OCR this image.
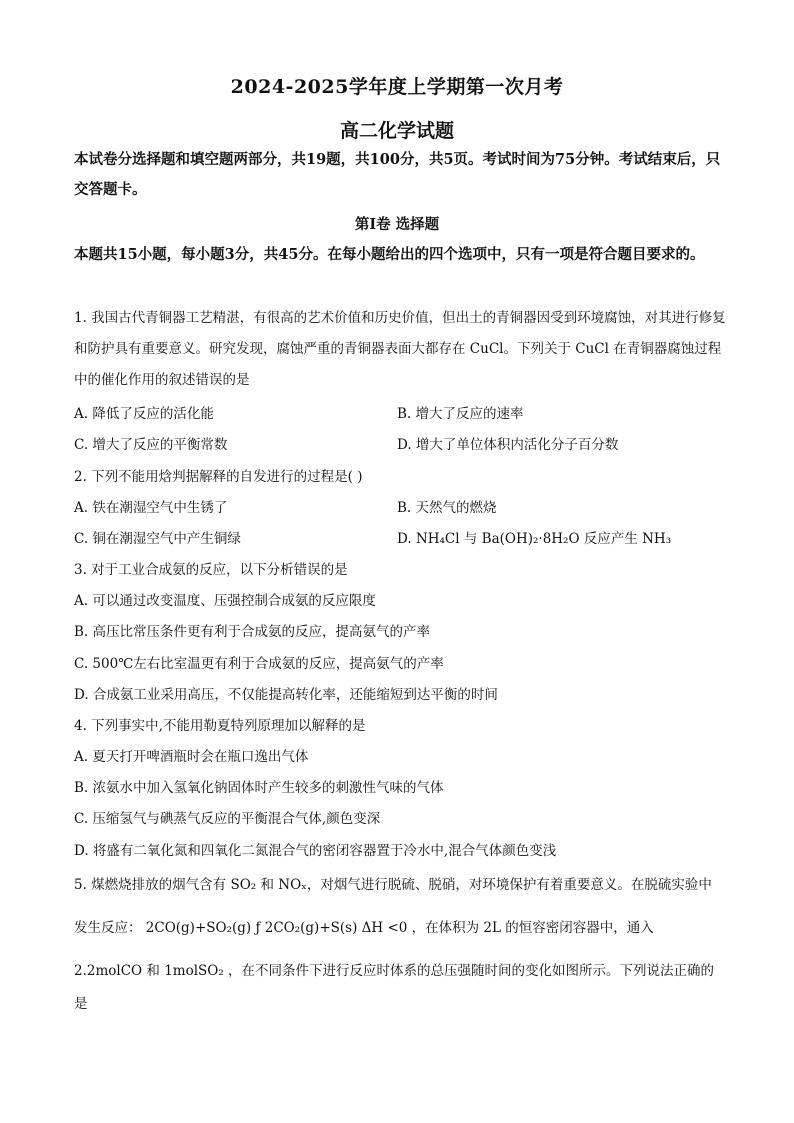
2024-2025学年度上学期第一次月考
高二化学试题
本试卷分选择题和填空题两部分，共19题，共100分，共5页。考试时间为75分钟。考试结束后，只交答题卡。
第I卷 选择题
本题共15小题，每小题3分，共45分。在每小题给出的四个选项中，只有一项是符合题目要求的。
1. 我国古代青铜器工艺精湛，有很高的艺术价值和历史价值，但出土的青铜器因受到环境腐蚀，对其进行修复和防护具有重要意义。研究发现，腐蚀严重的青铜器表面大都存在 CuCl。下列关于 CuCl 在青铜器腐蚀过程中的催化作用的叙述错误的是
A. 降低了反应的活化能	B. 增大了反应的速率
C. 增大了反应的平衡常数	D. 增大了单位体积内活化分子百分数
2. 下列不能用焓判据解释的自发进行的过程是( )
A. 铁在潮湿空气中生锈了	B. 天然气的燃烧
C. 铜在潮湿空气中产生铜绿	D. NH₄Cl 与 Ba(OH)₂·8H₂O 反应产生 NH₃
3. 对于工业合成氨的反应，以下分析错误的是
A. 可以通过改变温度、压强控制合成氨的反应限度
B. 高压比常压条件更有利于合成氨的反应，提高氨气的产率
C. 500℃左右比室温更有利于合成氨的反应，提高氨气的产率
D. 合成氨工业采用高压，不仅能提高转化率，还能缩短到达平衡的时间
4. 下列事实中,不能用勒夏特列原理加以解释的是
A. 夏天打开啤酒瓶时会在瓶口逸出气体
B. 浓氨水中加入氢氧化钠固体时产生较多的刺激性气味的气体
C. 压缩氢气与碘蒸气反应的平衡混合气体,颜色变深
D. 将盛有二氧化氮和四氧化二氮混合气的密闭容器置于冷水中,混合气体颜色变浅
5. 煤燃烧排放的烟气含有 SO₂ 和 NOₓ，对烟气进行脱硫、脱硝，对环境保护有着重要意义。在脱硫实验中
发生反应： 2CO(g)+SO₂(g) ƒ 2CO₂(g)+S(s) ΔH <0 ，在体积为 2L 的恒容密闭容器中，通入
2.2molCO 和 1molSO₂ ，在不同条件下进行反应时体系的总压强随时间的变化如图所示。下列说法正确的
是
